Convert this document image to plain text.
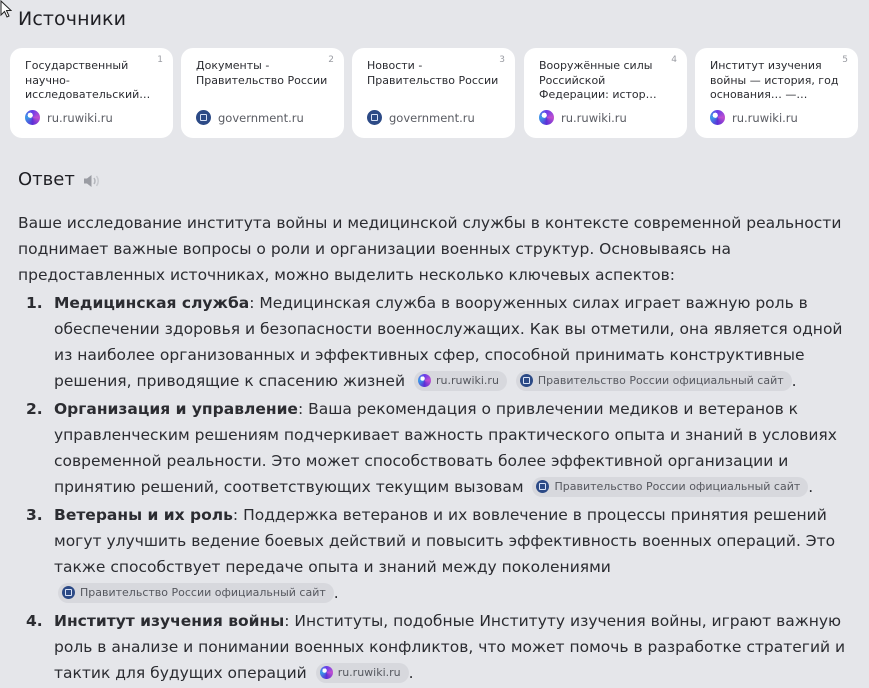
Источники
1
Государственный научно-исследовательский…
ru.ruwiki.ru
2
Документы - Правительство России
government.ru
3
Новости - Правительство России
government.ru
4
Вооружённые силы Российской Федерации: истор…
ru.ruwiki.ru
5
Институт изучения войны — история, год основания… —…
ru.ruwiki.ru
Ответ

Ваше исследование института войны и медицинской службы в контексте современной реальности поднимает важные вопросы о роли и организации военных структур. Основываясь на предоставленных источниках, можно выделить несколько ключевых аспектов:

1. Медицинская служба: Медицинская служба в вооруженных силах играет важную роль в обеспечении здоровья и безопасности военнослужащих. Как вы отметили, она является одной из наиболее организованных и эффективных сфер, способной принимать конструктивные решения, приводящие к спасению жизней	ru.ruwiki.ru
	Правительство России официальный сайт .
2. Организация и управление: Ваша рекомендация о привлечении медиков и ветеранов к управленческим решениям подчеркивает важность практического опыта и знаний в условиях современной реальности. Это может способствовать более эффективной организации и принятию решений, соответствующих текущим вызовам	Правительство России официальный сайт .
3. Ветераны и их роль: Поддержка ветеранов и их вовлечение в процессы принятия решений могут улучшить ведение боевых действий и повысить эффективность военных операций. Это также способствует передаче опыта и знаний между поколениями
Правительство России официальный сайт .
4. Институт изучения войны: Институты, подобные Институту изучения войны, играют важную роль в анализе и понимании военных конфликтов, что может помочь в разработке стратегий и тактик для будущих операций	ru.ruwiki.ru .
